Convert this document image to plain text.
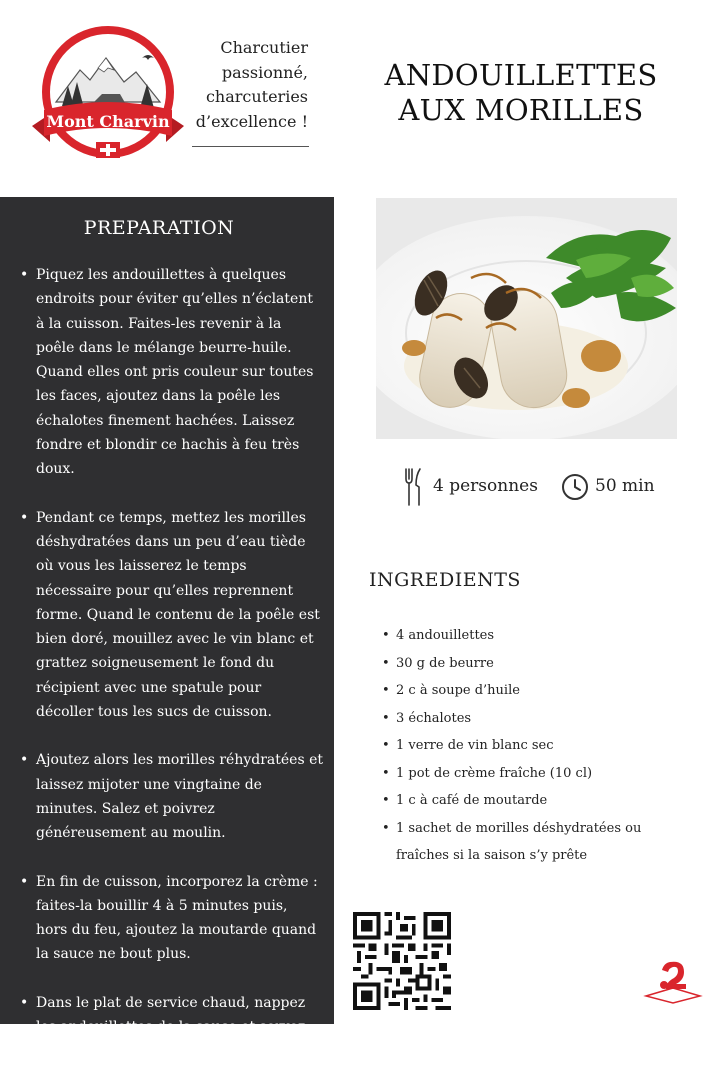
Mont Charvin
Charcutier
passionné,
charcuteries
d’excellence !
ANDOUILLETTES
AUX MORILLES
PREPARATION
• Piquez les andouillettes à quelques endroits pour éviter qu’elles n’éclatent à la cuisson. Faites-les revenir à la poêle dans le mélange beurre-huile. Quand elles ont pris couleur sur toutes les faces, ajoutez dans la poêle les échalotes finement hachées. Laissez fondre et blondir ce hachis à feu très doux.
• Pendant ce temps, mettez les morilles déshydratées dans un peu d’eau tiède où vous les laisserez le temps nécessaire pour qu’elles reprennent forme. Quand le contenu de la poêle est bien doré, mouillez avec le vin blanc et grattez soigneusement le fond du récipient avec une spatule pour décoller tous les sucs de cuisson.
• Ajoutez alors les morilles réhydratées et laissez mijoter une vingtaine de minutes. Salez et poivrez généreusement au moulin.
• En fin de cuisson, incorporez la crème : faites-la bouillir 4 à 5 minutes puis, hors du feu, ajoutez la moutarde quand la sauce ne bout plus.
• Dans le plat de service chaud, nappez les andouillettes de la sauce et servez aussitôt avec une salade de mâche.
4 personnes	50 min
INGREDIENTS
• 4 andouillettes
• 30 g de beurre
• 2 c à soupe d’huile
• 3 échalotes
• 1 verre de vin blanc sec
• 1 pot de crème fraîche (10 cl)
• 1 c à café de moutarde
• 1 sachet de morilles déshydratées ou fraîches si la saison s’y prête
